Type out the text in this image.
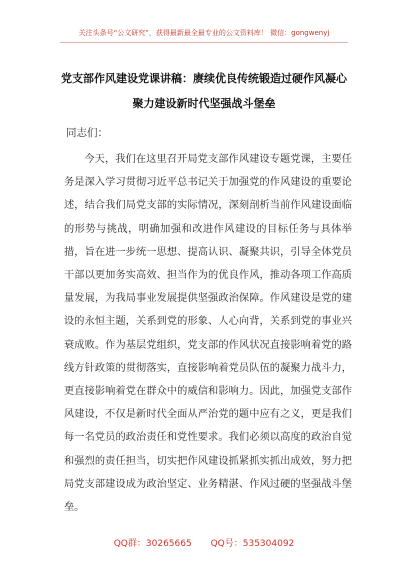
关注头条号“公文研究”，获得最新最全最专业的公文资料库！ 微信：gongwenyj
党支部作风建设党课讲稿：赓续优良传统锻造过硬作风凝心聚力建设新时代坚强战斗堡垒
同志们：

今天，我们在这里召开局党支部作风建设专题党课，主要任务是深入学习贯彻习近平总书记关于加强党的作风建设的重要论述，结合我们局党支部的实际情况，深刻剖析当前作风建设面临的形势与挑战，明确加强和改进作风建设的目标任务与具体举措，旨在进一步统一思想、提高认识、凝聚共识，引导全体党员干部以更加务实高效、担当作为的优良作风，推动各项工作高质量发展，为我局事业发展提供坚强政治保障。作风建设是党的建设的永恒主题，关系到党的形象、人心向背，关系到党的事业兴衰成败。作为基层党组织，党支部的作风状况直接影响着党的路线方针政策的贯彻落实，直接影响着党员队伍的凝聚力战斗力，更直接影响着党在群众中的威信和影响力。因此，加强党支部作风建设，不仅是新时代全面从严治党的题中应有之义，更是我们每一名党员的政治责任和党性要求。我们必须以高度的政治自觉和强烈的责任担当，切实把作风建设抓紧抓实抓出成效，努力把局党支部建设成为政治坚定、业务精湛、作风过硬的坚强战斗堡垒。

QQ群：30265665 QQ号：535304092
